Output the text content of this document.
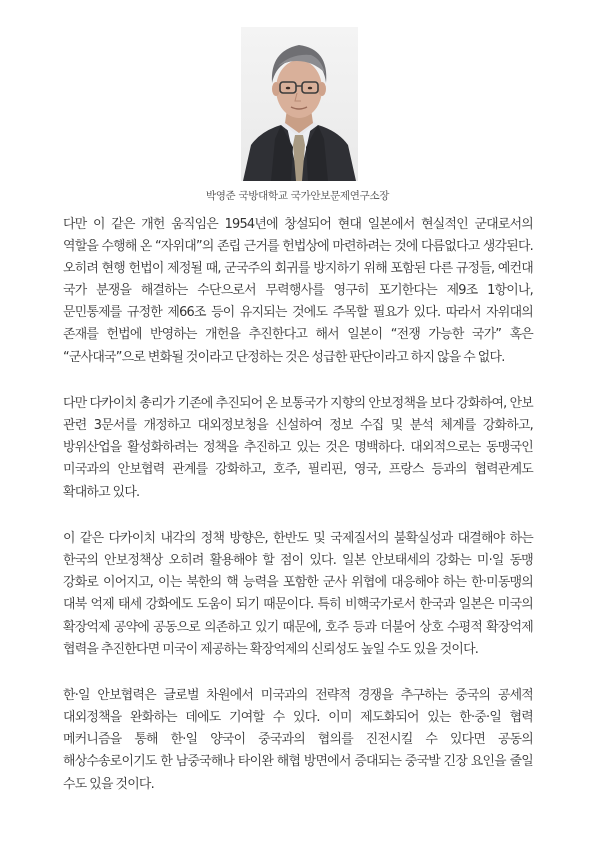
박영준 국방대학교 국가안보문제연구소장

다만 이 같은 개헌 움직임은 1954년에 창설되어 현대 일본에서 현실적인 군대로서의 역할을 수행해 온 “자위대”의 존립 근거를 헌법상에 마련하려는 것에 다름없다고 생각된다. 오히려 현행 헌법이 제정될 때, 군국주의 회귀를 방지하기 위해 포함된 다른 규정들, 예컨대 국가 분쟁을 해결하는 수단으로서 무력행사를 영구히 포기한다는 제9조 1항이나, 문민통제를 규정한 제66조 등이 유지되는 것에도 주목할 필요가 있다. 따라서 자위대의 존재를 헌법에 반영하는 개헌을 추진한다고 해서 일본이 “전쟁 가능한 국가” 혹은 “군사대국”으로 변화될 것이라고 단정하는 것은 성급한 판단이라고 하지 않을 수 없다.

다만 다카이치 총리가 기존에 추진되어 온 보통국가 지향의 안보정책을 보다 강화하여, 안보 관련 3문서를 개정하고 대외정보청을 신설하여 정보 수집 및 분석 체계를 강화하고, 방위산업을 활성화하려는 정책을 추진하고 있는 것은 명백하다. 대외적으로는 동맹국인 미국과의 안보협력 관계를 강화하고, 호주, 필리핀, 영국, 프랑스 등과의 협력관계도 확대하고 있다.

이 같은 다카이치 내각의 정책 방향은, 한반도 및 국제질서의 불확실성과 대결해야 하는 한국의 안보정책상 오히려 활용해야 할 점이 있다. 일본 안보태세의 강화는 미·일 동맹 강화로 이어지고, 이는 북한의 핵 능력을 포함한 군사 위협에 대응해야 하는 한·미동맹의 대북 억제 태세 강화에도 도움이 되기 때문이다. 특히 비핵국가로서 한국과 일본은 미국의 확장억제 공약에 공동으로 의존하고 있기 때문에, 호주 등과 더불어 상호 수평적 확장억제 협력을 추진한다면 미국이 제공하는 확장억제의 신뢰성도 높일 수도 있을 것이다.

한·일 안보협력은 글로벌 차원에서 미국과의 전략적 경쟁을 추구하는 중국의 공세적 대외정책을 완화하는 데에도 기여할 수 있다. 이미 제도화되어 있는 한·중·일 협력 메커니즘을 통해 한·일 양국이 중국과의 협의를 진전시킬 수 있다면 공동의 해상수송로이기도 한 남중국해나 타이완 해협 방면에서 증대되는 중국발 긴장 요인을 줄일 수도 있을 것이다.
